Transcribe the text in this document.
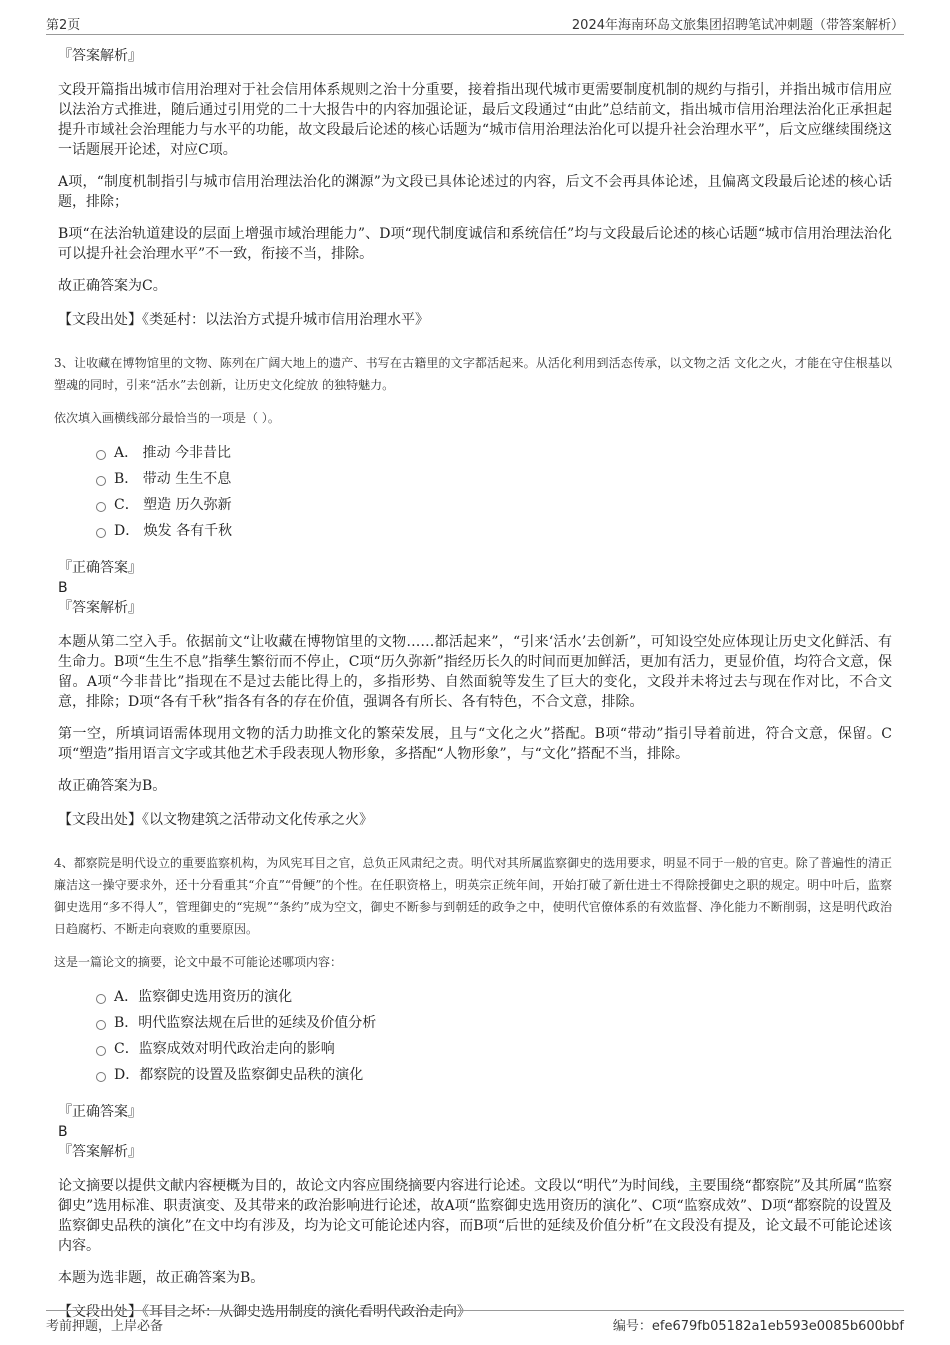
第2页	2024年海南环岛文旅集团招聘笔试冲刺题（带答案解析）

『答案解析』

文段开篇指出城市信用治理对于社会信用体系规则之治十分重要，接着指出现代城市更需要制度机制的规约与指引，并指出城市信用应以法治方式推进，随后通过引用党的二十大报告中的内容加强论证，最后文段通过“由此”总结前文，指出城市信用治理法治化正承担起提升市域社会治理能力与水平的功能，故文段最后论述的核心话题为“城市信用治理法治化可以提升社会治理水平”，后文应继续围绕这一话题展开论述，对应C项。

A项，“制度机制指引与城市信用治理法治化的渊源”为文段已具体论述过的内容，后文不会再具体论述，且偏离文段最后论述的核心话题，排除；

B项“在法治轨道建设的层面上增强市域治理能力”、D项“现代制度诚信和系统信任”均与文段最后论述的核心话题“城市信用治理法治化可以提升社会治理水平”不一致，衔接不当，排除。

故正确答案为C。

【文段出处】《类延村：以法治方式提升城市信用治理水平》

3、让收藏在博物馆里的文物、陈列在广阔大地上的遗产、书写在古籍里的文字都活起来。从活化利用到活态传承，以文物之活 文化之火，才能在守住根基以塑魂的同时，引来“活水”去创新，让历史文化绽放 的独特魅力。

依次填入画横线部分最恰当的一项是（ ）。

A． 推动 今非昔比
B． 带动 生生不息
C． 塑造 历久弥新
D． 焕发 各有千秋

『正确答案』

B

『答案解析』

本题从第二空入手。依据前文“让收藏在博物馆里的文物……都活起来”，“引来‘活水’去创新”，可知设空处应体现让历史文化鲜活、有生命力。B项“生生不息”指孳生繁衍而不停止，C项“历久弥新”指经历长久的时间而更加鲜活，更加有活力，更显价值，均符合文意，保留。A项“今非昔比”指现在不是过去能比得上的，多指形势、自然面貌等发生了巨大的变化，文段并未将过去与现在作对比，不合文意，排除；D项“各有千秋”指各有各的存在价值，强调各有所长、各有特色，不合文意，排除。

第一空，所填词语需体现用文物的活力助推文化的繁荣发展，且与“文化之火”搭配。B项“带动”指引导着前进，符合文意，保留。C项“塑造”指用语言文字或其他艺术手段表现人物形象，多搭配“人物形象”，与“文化”搭配不当，排除。

故正确答案为B。

【文段出处】《以文物建筑之活带动文化传承之火》

4、都察院是明代设立的重要监察机构，为风宪耳目之官，总负正风肃纪之责。明代对其所属监察御史的选用要求，明显不同于一般的官吏。除了普遍性的清正廉洁这一操守要求外，还十分看重其“介直”“骨鲠”的个性。在任职资格上，明英宗正统年间，开始打破了新仕进士不得除授御史之职的规定。明中叶后，监察御史选用“多不得人”，管理御史的“宪规”“条约”成为空文，御史不断参与到朝廷的政争之中，使明代官僚体系的有效监督、净化能力不断削弱，这是明代政治日趋腐朽、不断走向衰败的重要原因。

这是一篇论文的摘要，论文中最不可能论述哪项内容：

A．监察御史选用资历的演化
B．明代监察法规在后世的延续及价值分析
C．监察成效对明代政治走向的影响
D．都察院的设置及监察御史品秩的演化

『正确答案』

B

『答案解析』

论文摘要以提供文献内容梗概为目的，故论文内容应围绕摘要内容进行论述。文段以“明代”为时间线，主要围绕“都察院”及其所属“监察御史”选用标准、职责演变、及其带来的政治影响进行论述，故A项“监察御史选用资历的演化”、C项“监察成效”、D项“都察院的设置及监察御史品秩的演化”在文中均有涉及，均为论文可能论述内容，而B项“后世的延续及价值分析”在文段没有提及，论文最不可能论述该内容。

本题为选非题，故正确答案为B。

【文段出处】《耳目之坏：从御史选用制度的演化看明代政治走向》

考前押题，上岸必备	编号：efe679fb05182a1eb593e0085b600bbf
